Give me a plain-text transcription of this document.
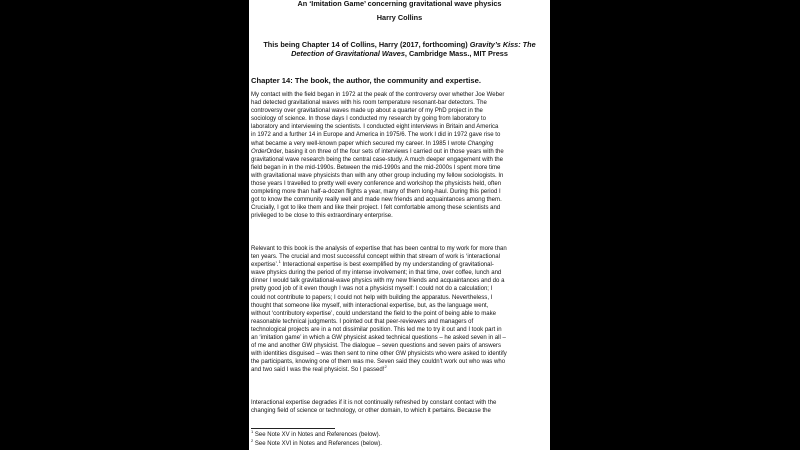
An ‘Imitation Game’ concerning gravitational wave physics
Harry Collins
This being Chapter 14 of Collins, Harry (2017, forthcoming) Gravity’s Kiss: The
Detection of Gravitational Waves, Cambridge Mass., MIT Press
Chapter 14: The book, the author, the community and expertise.
My contact with the field began in 1972 at the peak of the controversy over whether Joe Weber
had detected gravitational waves with his room temperature resonant-bar detectors. The
controversy over gravitational waves made up about a quarter of my PhD project in the
sociology of science. In those days I conducted my research by going from laboratory to
laboratory and interviewing the scientists. I conducted eight interviews in Britain and America
in 1972 and a further 14 in Europe and America in 1975/6. The work I did in 1972 gave rise to
what became a very well-known paper which secured my career. In 1985 I wrote Changing
OrderOrder, basing it on three of the four sets of interviews I carried out in those years with the
gravitational wave research being the central case-study. A much deeper engagement with the
field began in in the mid-1990s. Between the mid-1990s and the mid-2000s I spent more time
with gravitational wave physicists than with any other group including my fellow sociologists. In
those years I travelled to pretty well every conference and workshop the physicists held, often
completing more than half-a-dozen flights a year, many of them long-haul. During this period I
got to know the community really well and made new friends and acquaintances among them.
Crucially, I got to like them and like their project. I felt comfortable among these scientists and
privileged to be close to this extraordinary enterprise.
Relevant to this book is the analysis of expertise that has been central to my work for more than
ten years. The crucial and most successful concept within that stream of work is ‘interactional
expertise’.$^1$ Interactional expertise is best exemplified by my understanding of gravitational-
wave physics during the period of my intense involvement; in that time, over coffee, lunch and
dinner I would talk gravitational-wave physics with my new friends and acquaintances and do a
pretty good job of it even though I was not a physicist myself: I could not do a calculation; I
could not contribute to papers; I could not help with building the apparatus. Nevertheless, I
thought that someone like myself, with interactional expertise, but, as the language went,
without ‘contributory expertise’, could understand the field to the point of being able to make
reasonable technical judgments. I pointed out that peer-reviewers and managers of
technological projects are in a not dissimilar position. This led me to try it out and I took part in
an ‘imitation game’ in which a GW physicist asked technical questions – he asked seven in all –
of me and another GW physicist. The dialogue – seven questions and seven pairs of answers
with identities disguised – was then sent to nine other GW physicists who were asked to identify
the participants, knowing one of them was me. Seven said they couldn’t work out who was who
and two said I was the real physicist. So I passed!$^2$
Interactional expertise degrades if it is not continually refreshed by constant contact with the
changing field of science or technology, or other domain, to which it pertains. Because the
$^1$ See Note XV in Notes and References (below).
$^2$ See Note XVI in Notes and References (below).
